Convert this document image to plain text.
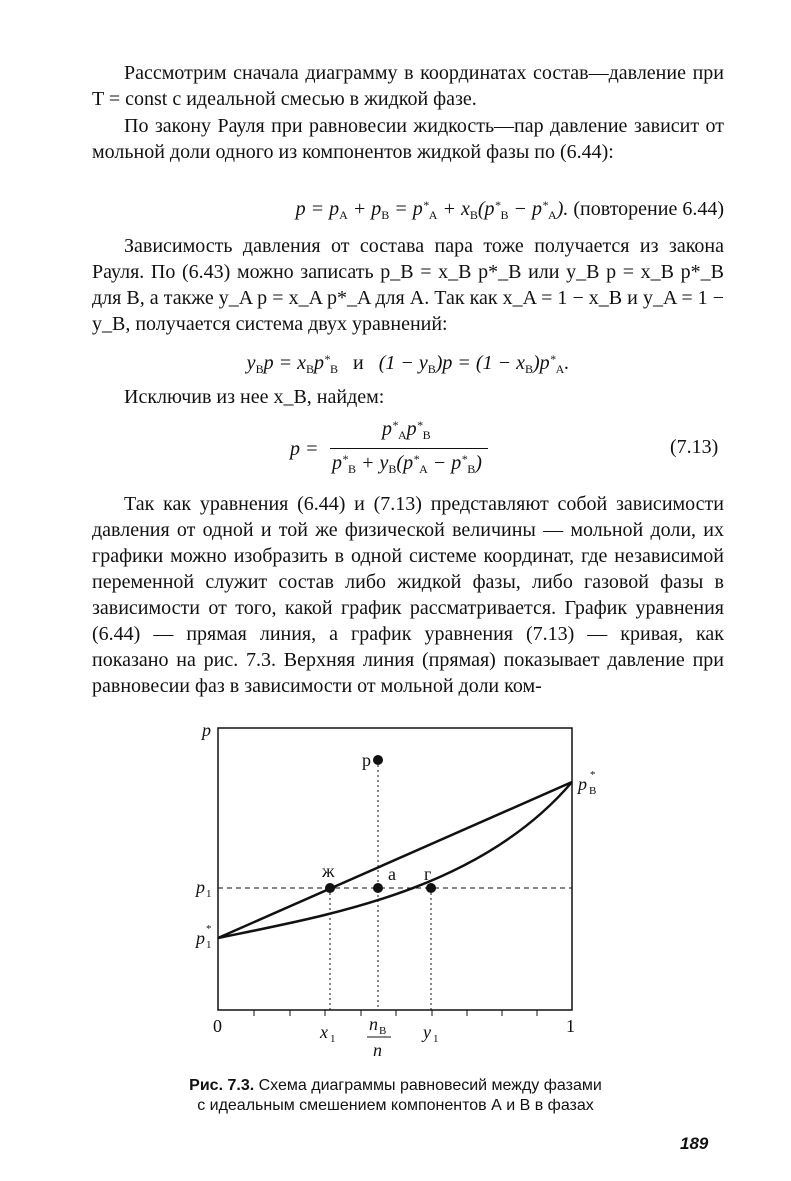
Рассмотрим сначала диаграмму в координатах состав—давление при T = const с идеальной смесью в жидкой фазе.

По закону Рауля при равновесии жидкость—пар давление зависит от мольной доли одного из компонентов жидкой фазы по (6.44):

$p = p_A + p_B = p^*_A + x_B(p^*_B - p^*_A)$. (повторение 6.44)

Зависимость давления от состава пара тоже получается из закона Рауля. По (6.43) можно записать p_B = x_B p*_B или y_B p = x_B p*_B для B, а также y_A p = x_A p*_A для A. Так как x_A = 1 − x_B и y_A = 1 − y_B, получается система двух уравнений:

$y_Bp = x_Bp^*_B$ и   $(1 - y_B)p = (1 - x_B)p^*_A$.
Исключив из нее x_B, найдем:
p =
$p^*_Ap^*_B$
$p^*_B + y_B(p^*_A - p^*_B)$
(7.13)

Так как уравнения (6.44) и (7.13) представляют собой зависимости давления от одной и той же физической величины — мольной доли, их графики можно изобразить в одной системе координат, где независимой переменной служит состав либо жидкой фазы, либо газовой фазы в зависимости от того, какой график рассматривается. График уравнения (6.44) — прямая линия, а график уравнения (7.13) — кривая, как показано на рис. 7.3. Верхняя линия (прямая) показывает давление при равновесии фаз в зависимости от мольной доли ком-

p
ж	а г
p
p 1
p *
1
p *
B
0	1
x 1	y 1
n B
n
Рис. 7.3. Схема диаграммы равновесий между фазами
с идеальным смешением компонентов А и В в фазах
189
